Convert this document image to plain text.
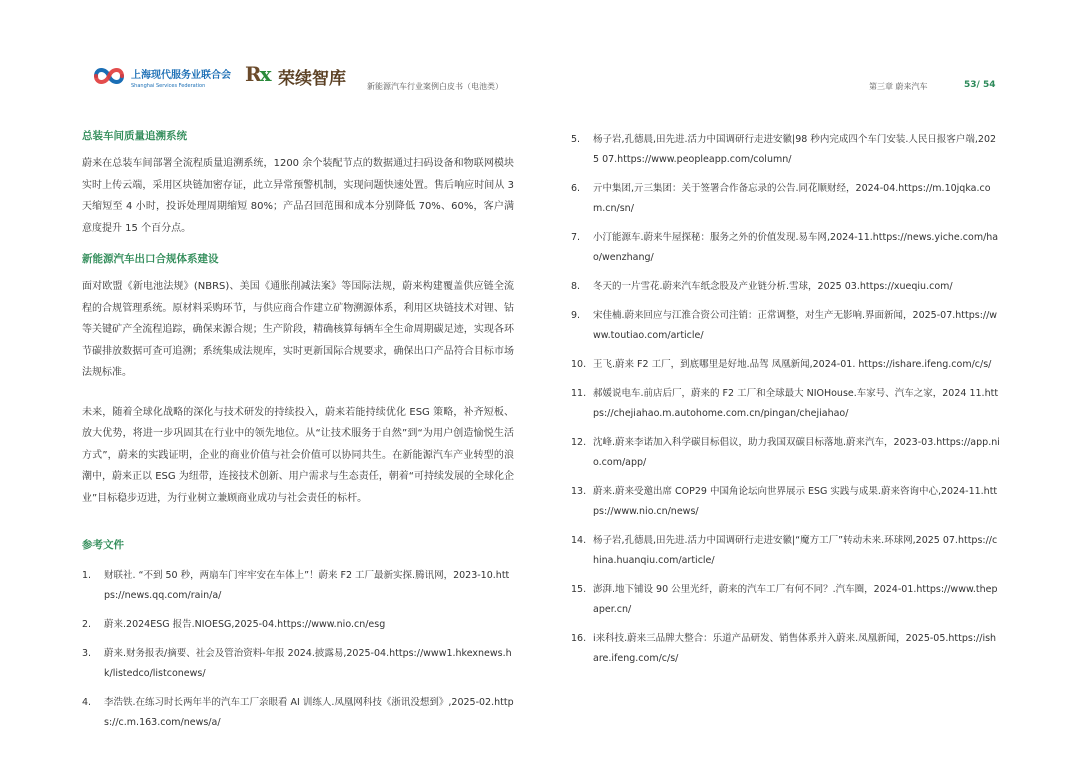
上海现代服务业联合会
Shanghai Services Federation	Rx 荣续智库	新能源汽车行业案例白皮书（电池类）	第三章 蔚来汽车	53/ 54
总装车间质量追溯系统

蔚来在总装车间部署全流程质量追溯系统，1200 余个装配节点的数据通过扫码设备和物联网模块实时上传云端，采用区块链加密存证，此立异常预警机制，实现问题快速处置。售后响应时间从 3 天缩短至 4 小时，投诉处理周期缩短 80%；产品召回范围和成本分别降低 70%、60%，客户满意度提升 15 个百分点。

新能源汽车出口合规体系建设

面对欧盟《新电池法规》(NBRS)、美国《通胀削减法案》等国际法规，蔚来构建覆盖供应链全流程的合规管理系统。原材料采购环节，与供应商合作建立矿物溯源体系，利用区块链技术对锂、钴等关键矿产全流程追踪，确保来源合规；生产阶段，精确核算每辆车全生命周期碳足迹，实现各环节碳排放数据可查可追溯；系统集成法规库，实时更新国际合规要求，确保出口产品符合目标市场法规标准。

未来，随着全球化战略的深化与技术研发的持续投入，蔚来若能持续优化 ESG 策略，补齐短板、放大优势，将进一步巩固其在行业中的领先地位。从“让技术服务于自然”到“为用户创造愉悦生活方式”，蔚来的实践证明，企业的商业价值与社会价值可以协同共生。在新能源汽车产业转型的浪潮中，蔚来正以 ESG 为纽带，连接技术创新、用户需求与生态责任，朝着“可持续发展的全球化企业”目标稳步迈进，为行业树立兼顾商业成功与社会责任的标杆。

参考文件
1.	财联社. “不到 50 秒，两扇车门牢牢安在车体上”！蔚来 F2 工厂最新实探.腾讯网，2023-10.https://news.qq.com/rain/a/
2.	蔚来.2024ESG 报告.NIOESG,2025-04.https://www.nio.cn/esg
3.	蔚来.财务报表/摘要、社会及管治资料-年报 2024.披露易,2025-04.https://www1.hkexnews.hk/listedco/listconews/
4.	李浩铁.在练习时长两年半的汽车工厂亲眼看 AI 训练人.凤凰网科技《浙讯没想到》,2025-02.https://c.m.163.com/news/a/
5.	杨子岩,孔德晨,田先进.活力中国调研行走进安徽|98 秒内完成四个车门安装.人民日报客户端,2025 07.https://www.peopleapp.com/column/
6.	亓中集团,亓三集团：关于签署合作备忘录的公告.同花顺财经，2024-04.https://m.10jqka.com.cn/sn/
7.	小汀能源车.蔚来牛屋探秘：服务之外的价值发现.易车网,2024-11.https://news.yiche.com/hao/wenzhang/
8.	冬天的一片雪花.蔚来汽车纸念股及产业链分析.雪球，2025 03.https://xueqiu.com/
9.	宋佳楠.蔚来回应与江淮合资公司注销：正常调整，对生产无影响.界面新闻，2025-07.https://www.toutiao.com/article/
10. 王飞.蔚来 F2 工厂，到底哪里是好地.品驾 凤凰新闻,2024-01. https://ishare.ifeng.com/c/s/
11. 郝媛说电车.前店后厂，蔚来的 F2 工厂和全球最大 NIOHouse.车家号、汽车之家，2024 11.https://chejiahao.m.autohome.com.cn/pingan/chejiahao/
12. 沈峰.蔚来李诺加入科学碳目标倡议，助力我国双碳目标落地.蔚来汽车，2023-03.https://app.nio.com/app/
13. 蔚来.蔚来受邀出席 COP29 中国角论坛向世界展示 ESG 实践与成果.蔚来咨询中心,2024-11.https://www.nio.cn/news/
14. 杨子岩,孔德晨,田先进.活力中国调研行走进安徽|“魔方工厂”转动未来.环球网,2025 07.https://china.huanqiu.com/article/
15. 澎湃.地下铺设 90 公里光纤，蔚来的汽车工厂有何不同？.汽车圈，2024-01.https://www.thepaper.cn/
16. i来科技.蔚来三品牌大整合：乐道产品研发、销售体系并入蔚来.凤凰新闻，2025-05.https://ishare.ifeng.com/c/s/
